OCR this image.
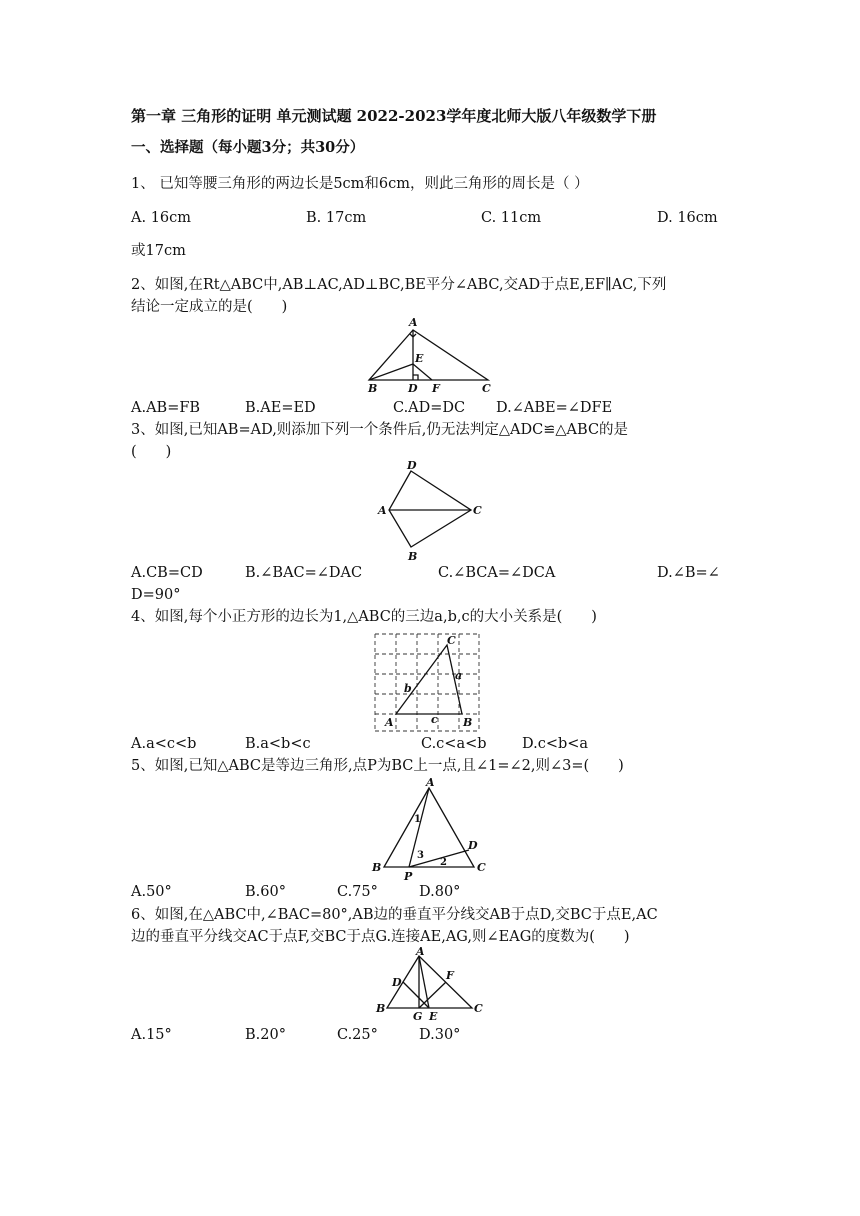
第一章 三角形的证明 单元测试题 2022-2023学年度北师大版八年级数学下册
一、选择题（每小题3分；共30分）
1、 已知等腰三角形的两边长是5cm和6cm，则此三角形的周长是（ ）
A. 16cm	B. 17cm	C. 11cm	D. 16cm
或17cm
2、如图,在Rt△ABC中,AB⊥AC,AD⊥BC,BE平分∠ABC,交AD于点E,EF∥AC,下列
结论一定成立的是(　　)
A
E
B	D F	C
A.AB=FB	B.AE=ED	C.AD=DC D.∠ABE=∠DFE
3、如图,已知AB=AD,则添加下列一个条件后,仍无法判定△ADC≌△ABC的是
(　　)
D
A	C
B
A.CB=CD	B.∠BAC=∠DAC	C.∠BCA=∠DCA	D.∠B=∠
D=90°
4、如图,每个小正方形的边长为1,△ABC的三边a,b,c的大小关系是(　　)
C
a
b
A	c B
A.a<c<b	B.a<b<c	C.c<a<b D.c<b<a
5、如图,已知△ABC是等边三角形,点P为BC上一点,且∠1=∠2,则∠3=(　　)
A
1
D
3
2
B
P
C
A.50°	B.60°	C.75°	D.80°
6、如图,在△ABC中,∠BAC=80°,AB边的垂直平分线交AB于点D,交BC于点E,AC
边的垂直平分线交AC于点F,交BC于点G.连接AE,AG,则∠EAG的度数为(　　)
A
D
F
B
G E
C
A.15°	B.20°	C.25°	D.30°
